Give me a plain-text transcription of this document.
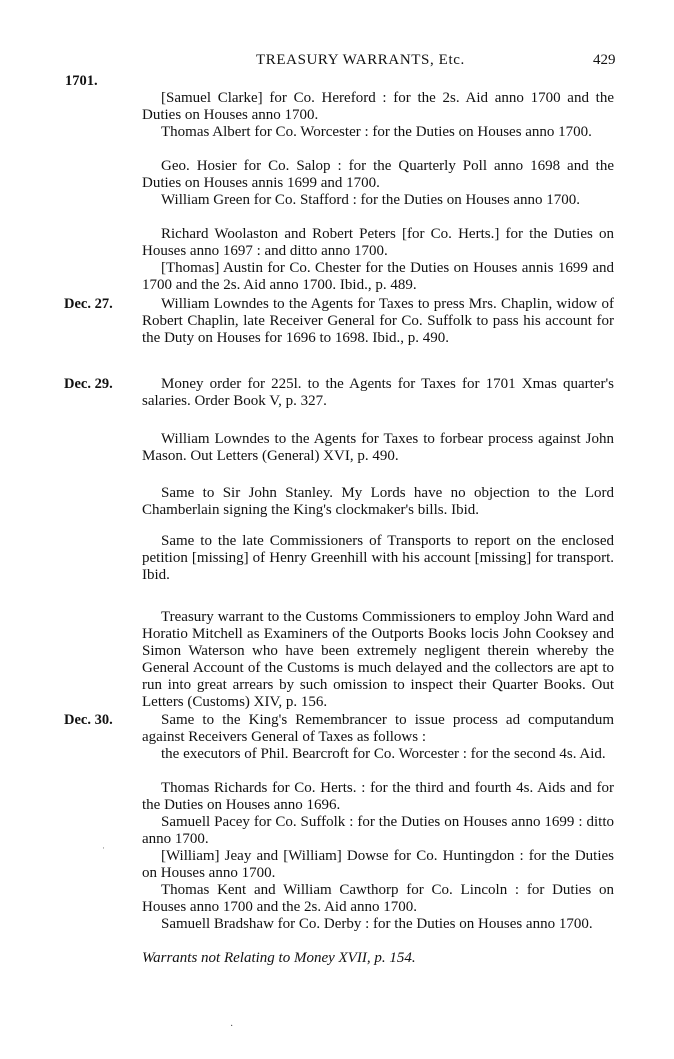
TREASURY WARRANTS, Etc.	429
1701.

[Samuel Clarke] for Co. Hereford : for the 2s. Aid anno 1700 and the Duties on Houses anno 1700.

Thomas Albert for Co. Worcester : for the Duties on Houses anno 1700.

Geo. Hosier for Co. Salop : for the Quarterly Poll anno 1698 and the Duties on Houses annis 1699 and 1700.

William Green for Co. Stafford : for the Duties on Houses anno 1700.

Richard Woolaston and Robert Peters [for Co. Herts.] for the Duties on Houses anno 1697 : and ditto anno 1700.

[Thomas] Austin for Co. Chester for the Duties on Houses annis 1699 and 1700 and the 2s. Aid anno 1700. Ibid., p. 489.

Dec. 27.	William Lowndes to the Agents for Taxes to press Mrs. Chaplin, widow of Robert Chaplin, late Receiver General for Co. Suffolk to pass his account for the Duty on Houses for 1696 to 1698. Ibid., p. 490.

Dec. 29.	Money order for 225l. to the Agents for Taxes for 1701 Xmas quarter's salaries. Order Book V, p. 327.

William Lowndes to the Agents for Taxes to forbear process against John Mason. Out Letters (General) XVI, p. 490.

Same to Sir John Stanley. My Lords have no objection to the Lord Chamberlain signing the King's clockmaker's bills. Ibid.

Same to the late Commissioners of Transports to report on the enclosed petition [missing] of Henry Greenhill with his account [missing] for transport. Ibid.

Treasury warrant to the Customs Commissioners to employ John Ward and Horatio Mitchell as Examiners of the Outports Books locis John Cooksey and Simon Waterson who have been extremely negligent therein whereby the General Account of the Customs is much delayed and the collectors are apt to run into great arrears by such omission to inspect their Quarter Books. Out Letters (Customs) XIV, p. 156.

Dec. 30.	Same to the King's Remembrancer to issue process ad computandum against Receivers General of Taxes as follows :

the executors of Phil. Bearcroft for Co. Worcester : for the second 4s. Aid.

Thomas Richards for Co. Herts. : for the third and fourth 4s. Aids and for the Duties on Houses anno 1696.

Samuell Pacey for Co. Suffolk : for the Duties on Houses anno 1699 : ditto anno 1700.

[William] Jeay and [William] Dowse for Co. Huntingdon : for the Duties on Houses anno 1700.

Thomas Kent and William Cawthorp for Co. Lincoln : for Duties on Houses anno 1700 and the 2s. Aid anno 1700.

Samuell Bradshaw for Co. Derby : for the Duties on Houses anno 1700.

Warrants not Relating to Money XVII, p. 154.

·
·
